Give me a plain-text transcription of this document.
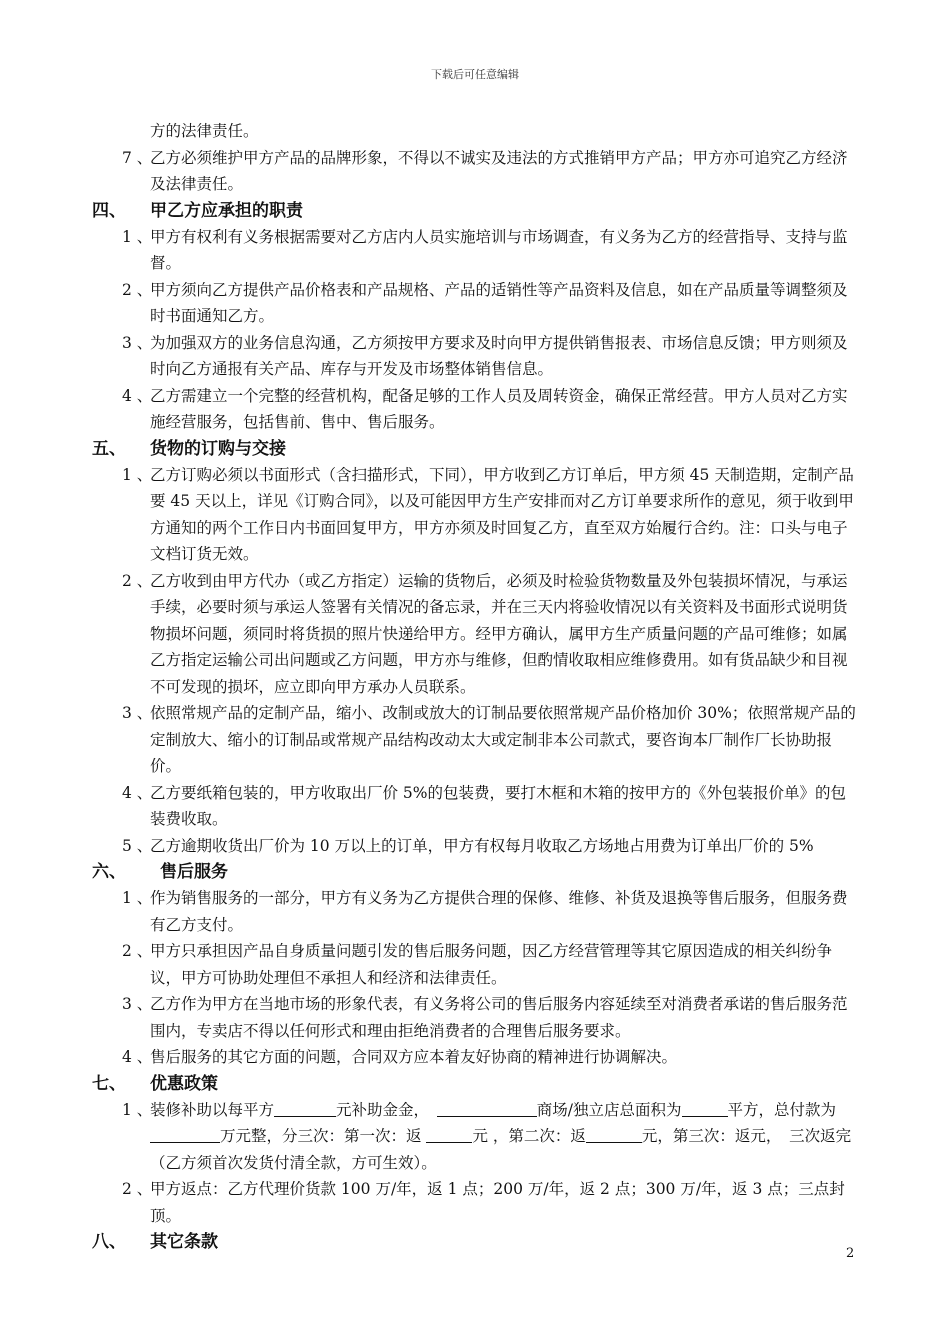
下载后可任意编辑
方的法律责任。
7 、
乙方必须维护甲方产品的品牌形象，不得以不诚实及违法的方式推销甲方产品；甲方亦可追究乙方经济及法律责任。
四、 甲乙方应承担的职责
1 、
甲方有权利有义务根据需要对乙方店内人员实施培训与市场调查，有义务为乙方的经营指导、支持与监督。
2 、
甲方须向乙方提供产品价格表和产品规格、产品的适销性等产品资料及信息，如在产品质量等调整须及时书面通知乙方。
3 、
为加强双方的业务信息沟通，乙方须按甲方要求及时向甲方提供销售报表、市场信息反馈；甲方则须及时向乙方通报有关产品、库存与开发及市场整体销售信息。
4 、
乙方需建立一个完整的经营机构，配备足够的工作人员及周转资金，确保正常经营。甲方人员对乙方实施经营服务，包括售前、售中、售后服务。
五、 货物的订购与交接
1 、
乙方订购必须以书面形式（含扫描形式，下同），甲方收到乙方订单后，甲方须 45 天制造期，定制产品要 45 天以上，详见《订购合同》，以及可能因甲方生产安排而对乙方订单要求所作的意见，须于收到甲方通知的两个工作日内书面回复甲方，甲方亦须及时回复乙方，直至双方始履行合约。注：口头与电子文档订货无效。
2 、
乙方收到由甲方代办（或乙方指定）运输的货物后，必须及时检验货物数量及外包装损坏情况，与承运手续，必要时须与承运人签署有关情况的备忘录，并在三天内将验收情况以有关资料及书面形式说明货物损坏问题，须同时将货损的照片快递给甲方。经甲方确认，属甲方生产质量问题的产品可维修；如属乙方指定运输公司出问题或乙方问题，甲方亦与维修，但酌情收取相应维修费用。如有货品缺少和目视不可发现的损坏，应立即向甲方承办人员联系。
3 、
依照常规产品的定制产品，缩小、改制或放大的订制品要依照常规产品价格加价 30%；依照常规产品的定制放大、缩小的订制品或常规产品结构改动太大或定制非本公司款式，要咨询本厂制作厂长协助报价。
4 、
乙方要纸箱包装的，甲方收取出厂价 5%的包装费，要打木框和木箱的按甲方的《外包装报价单》的包装费收取。
5 、
乙方逾期收货出厂价为 10 万以上的订单，甲方有权每月收取乙方场地占用费为订单出厂价的 5%
六、 售后服务
1 、
作为销售服务的一部分，甲方有义务为乙方提供合理的保修、维修、补货及退换等售后服务，但服务费有乙方支付。
2 、
甲方只承担因产品自身质量问题引发的售后服务问题，因乙方经营管理等其它原因造成的相关纠纷争议，甲方可协助处理但不承担人和经济和法律责任。
3 、
乙方作为甲方在当地市场的形象代表，有义务将公司的售后服务内容延续至对消费者承诺的售后服务范围内，专卖店不得以任何形式和理由拒绝消费者的合理售后服务要求。
4 、
售后服务的其它方面的问题，合同双方应本着友好协商的精神进行协调解决。
七、 优惠政策
1 、
装修补助以每平方	元补助金金，　	商场/独立店总面积为	平方，总付款为万元整，分三次：第一次：返	元 ，第二次：返	元，第三次：返元，　三次返完（乙方须首次发货付清全款，方可生效）。
2 、
甲方返点：乙方代理价货款 100 万/年，返 1 点；200 万/年，返 2 点；300 万/年，返 3 点；三点封顶。
八、 其它条款
2
